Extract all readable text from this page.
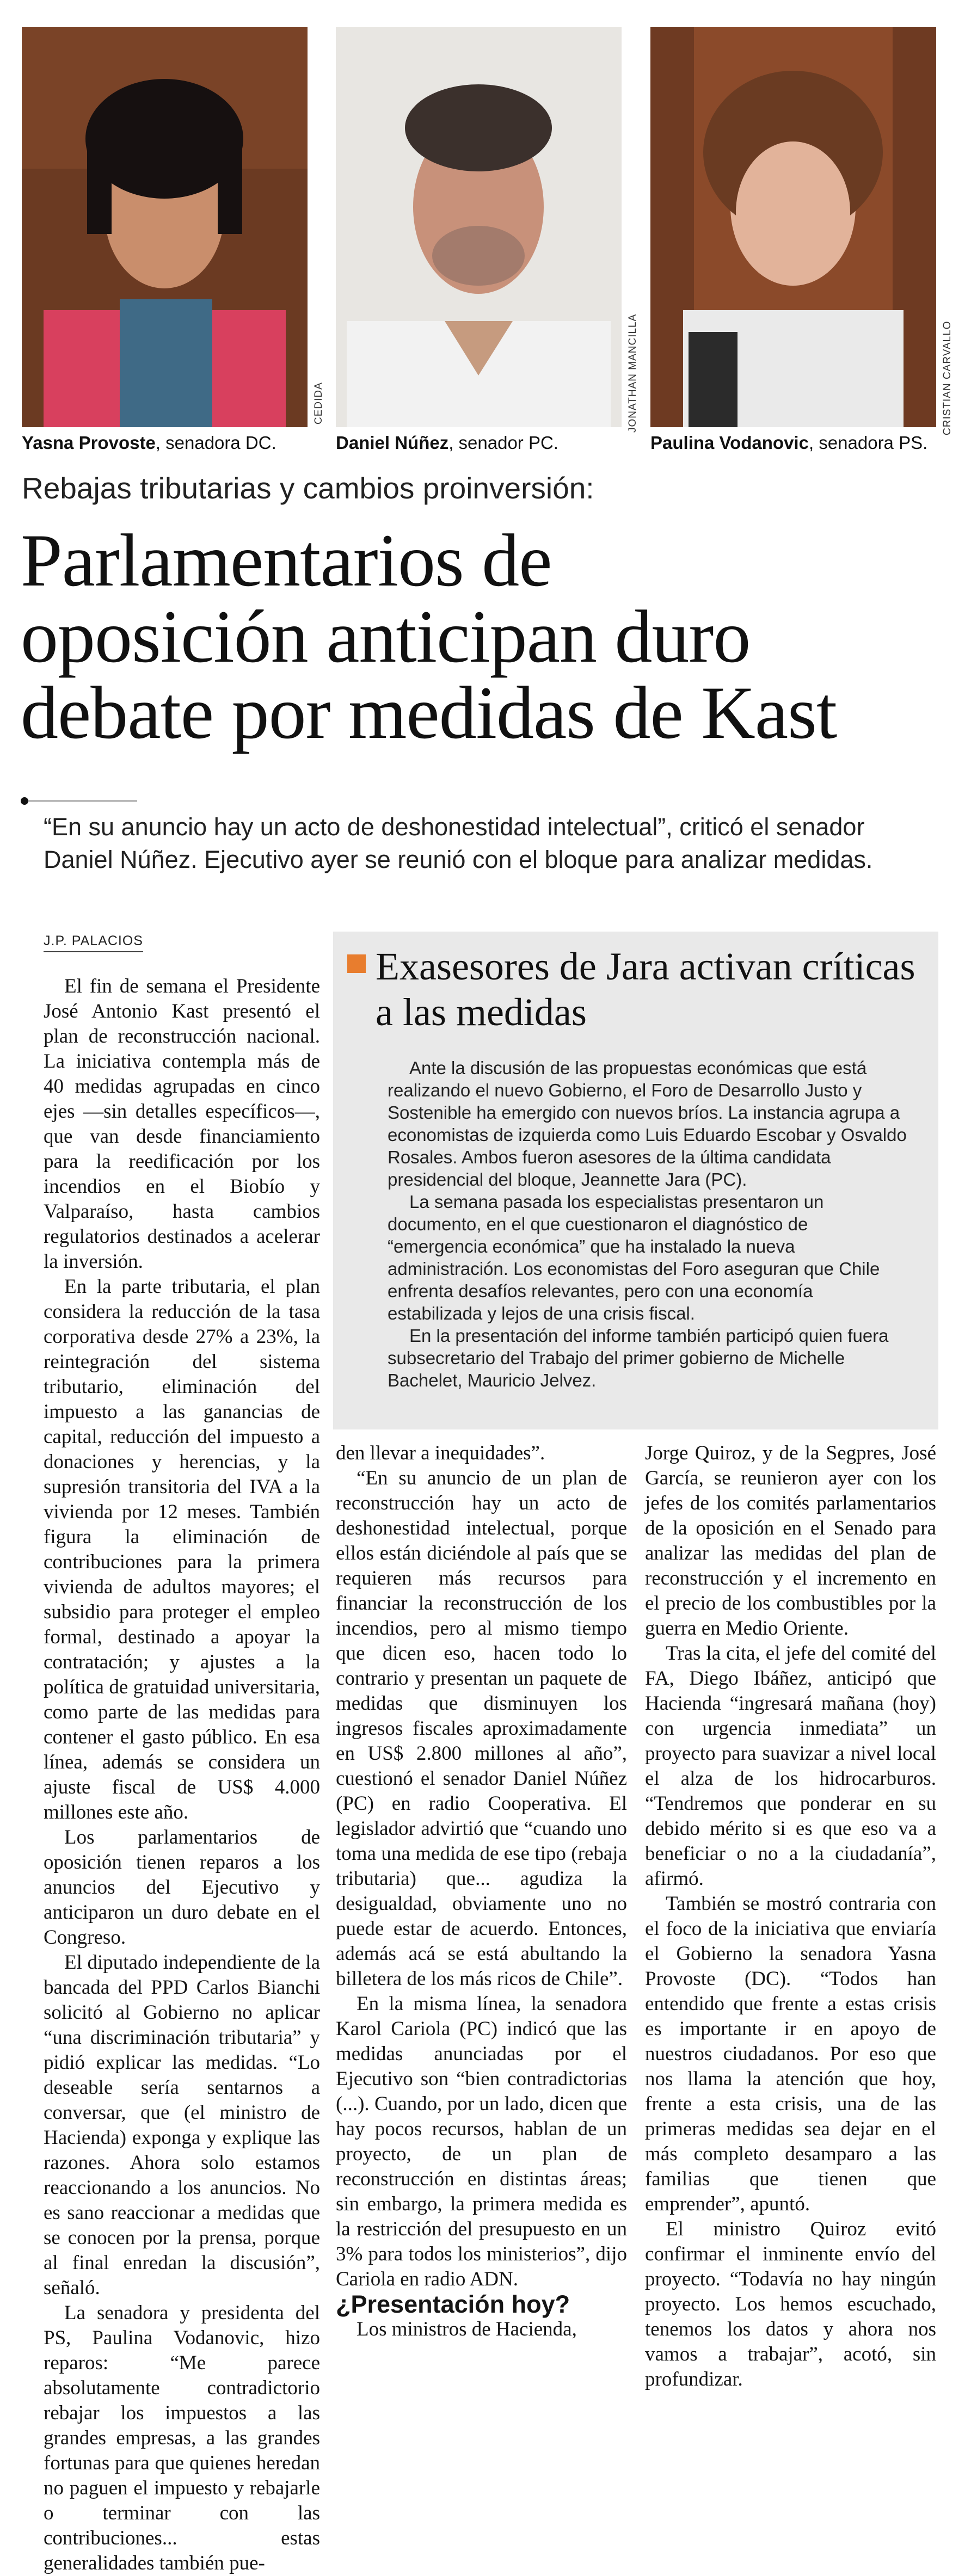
CEDIDA	JONATHAN MANCILLA	CRISTIAN CARVALLO
Yasna Provoste, senadora DC.	Daniel Núñez, senador PC.	Paulina Vodanovic, senadora PS.
Rebajas tributarias y cambios proinversión:
Parlamentarios de
oposición anticipan duro
debate por medidas de Kast
“En su anuncio hay un acto de deshonestidad intelectual”, criticó el senador Daniel Núñez. Ejecutivo ayer se reunió con el bloque para analizar medidas.
J.P. PALACIOS
Exasesores de Jara activan críticas a las medidas

Ante la discusión de las propuestas económicas que está realizando el nuevo Gobierno, el Foro de Desarrollo Justo y Sostenible ha emergido con nuevos bríos. La instancia agrupa a economistas de izquierda como Luis Eduardo Escobar y Osvaldo Rosales. Ambos fueron asesores de la última candidata presidencial del bloque, Jeannette Jara (PC).

La semana pasada los especialistas presentaron un documento, en el que cuestionaron el diagnóstico de “emergencia económica” que ha instalado la nueva administración. Los economistas del Foro aseguran que Chile enfrenta desafíos relevantes, pero con una economía estabilizada y lejos de una crisis fiscal.

En la presentación del informe también participó quien fuera subsecretario del Trabajo del primer gobierno de Michelle Bachelet, Mauricio Jelvez.

El fin de semana el Presidente José Antonio Kast presentó el plan de reconstrucción nacional. La iniciativa contempla más de 40 medidas agrupadas en cinco ejes —sin detalles específicos—, que van desde financiamiento para la reedificación por los incendios en el Biobío y Valparaíso, hasta cambios regulatorios destinados a acelerar la inversión.

En la parte tributaria, el plan considera la reducción de la tasa corporativa desde 27% a 23%, la reintegración del sistema tributario, eliminación del impuesto a las ganancias de capital, reducción del impuesto a donaciones y herencias, y la supresión transitoria del IVA a la vivienda por 12 meses. También figura la eliminación de contribuciones para la primera vivienda de adultos mayores; el subsidio para proteger el empleo formal, destinado a apoyar la contratación; y ajustes a la política de gratuidad universitaria, como parte de las medidas para contener el gasto público. En esa línea, además se considera un ajuste fiscal de US$ 4.000 millones este año.

Los parlamentarios de oposición tienen reparos a los anuncios del Ejecutivo y anticiparon un duro debate en el Congreso.

El diputado independiente de la bancada del PPD Carlos Bianchi solicitó al Gobierno no aplicar “una discriminación tributaria” y pidió explicar las medidas. “Lo deseable sería sentarnos a conversar, que (el ministro de Hacienda) exponga y explique las razones. Ahora solo estamos reaccionando a los anuncios. No es sano reaccionar a medidas que se conocen por la prensa, porque al final enredan la discusión”, señaló.

La senadora y presidenta del PS, Paulina Vodanovic, hizo reparos: “Me parece absolutamente contradictorio rebajar los impuestos a las grandes empresas, a las grandes fortunas para que quienes heredan no paguen el impuesto y rebajarle o terminar con las contribuciones... estas generalidades también pue-

den llevar a inequidades”.

“En su anuncio de un plan de reconstrucción hay un acto de deshonestidad intelectual, porque ellos están diciéndole al país que se requieren más recursos para financiar la reconstrucción de los incendios, pero al mismo tiempo que dicen eso, hacen todo lo contrario y presentan un paquete de medidas que disminuyen los ingresos fiscales aproximadamente en US$ 2.800 millones al año”, cuestionó el senador Daniel Núñez (PC) en radio Cooperativa. El legislador advirtió que “cuando uno toma una medida de ese tipo (rebaja tributaria) que... agudiza la desigualdad, obviamente uno no puede estar de acuerdo. Entonces, además acá se está abultando la billetera de los más ricos de Chile”.

En la misma línea, la senadora Karol Cariola (PC) indicó que las medidas anunciadas por el Ejecutivo son “bien contradictorias (...). Cuando, por un lado, dicen que hay pocos recursos, hablan de un proyecto, de un plan de reconstrucción en distintas áreas; sin embargo, la primera medida es la restricción del presupuesto en un 3% para todos los ministerios”, dijo Cariola en radio ADN.

¿Presentación hoy?

Los ministros de Hacienda,

Jorge Quiroz, y de la Segpres, José García, se reunieron ayer con los jefes de los comités parlamentarios de la oposición en el Senado para analizar las medidas del plan de reconstrucción y el incremento en el precio de los combustibles por la guerra en Medio Oriente.

Tras la cita, el jefe del comité del FA, Diego Ibáñez, anticipó que Hacienda “ingresará mañana (hoy) con urgencia inmediata” un proyecto para suavizar a nivel local el alza de los hidrocarburos. “Tendremos que ponderar en su debido mérito si es que eso va a beneficiar o no a la ciudadanía”, afirmó.

También se mostró contraria con el foco de la iniciativa que enviaría el Gobierno la senadora Yasna Provoste (DC). “Todos han entendido que frente a estas crisis es importante ir en apoyo de nuestros ciudadanos. Por eso que nos llama la atención que hoy, frente a esta crisis, una de las primeras medidas sea dejar en el más completo desamparo a las familias que tienen que emprender”, apuntó.

El ministro Quiroz evitó confirmar el inminente envío del proyecto. “Todavía no hay ningún proyecto. Los hemos escuchado, tenemos los datos y ahora nos vamos a trabajar”, acotó, sin profundizar.
